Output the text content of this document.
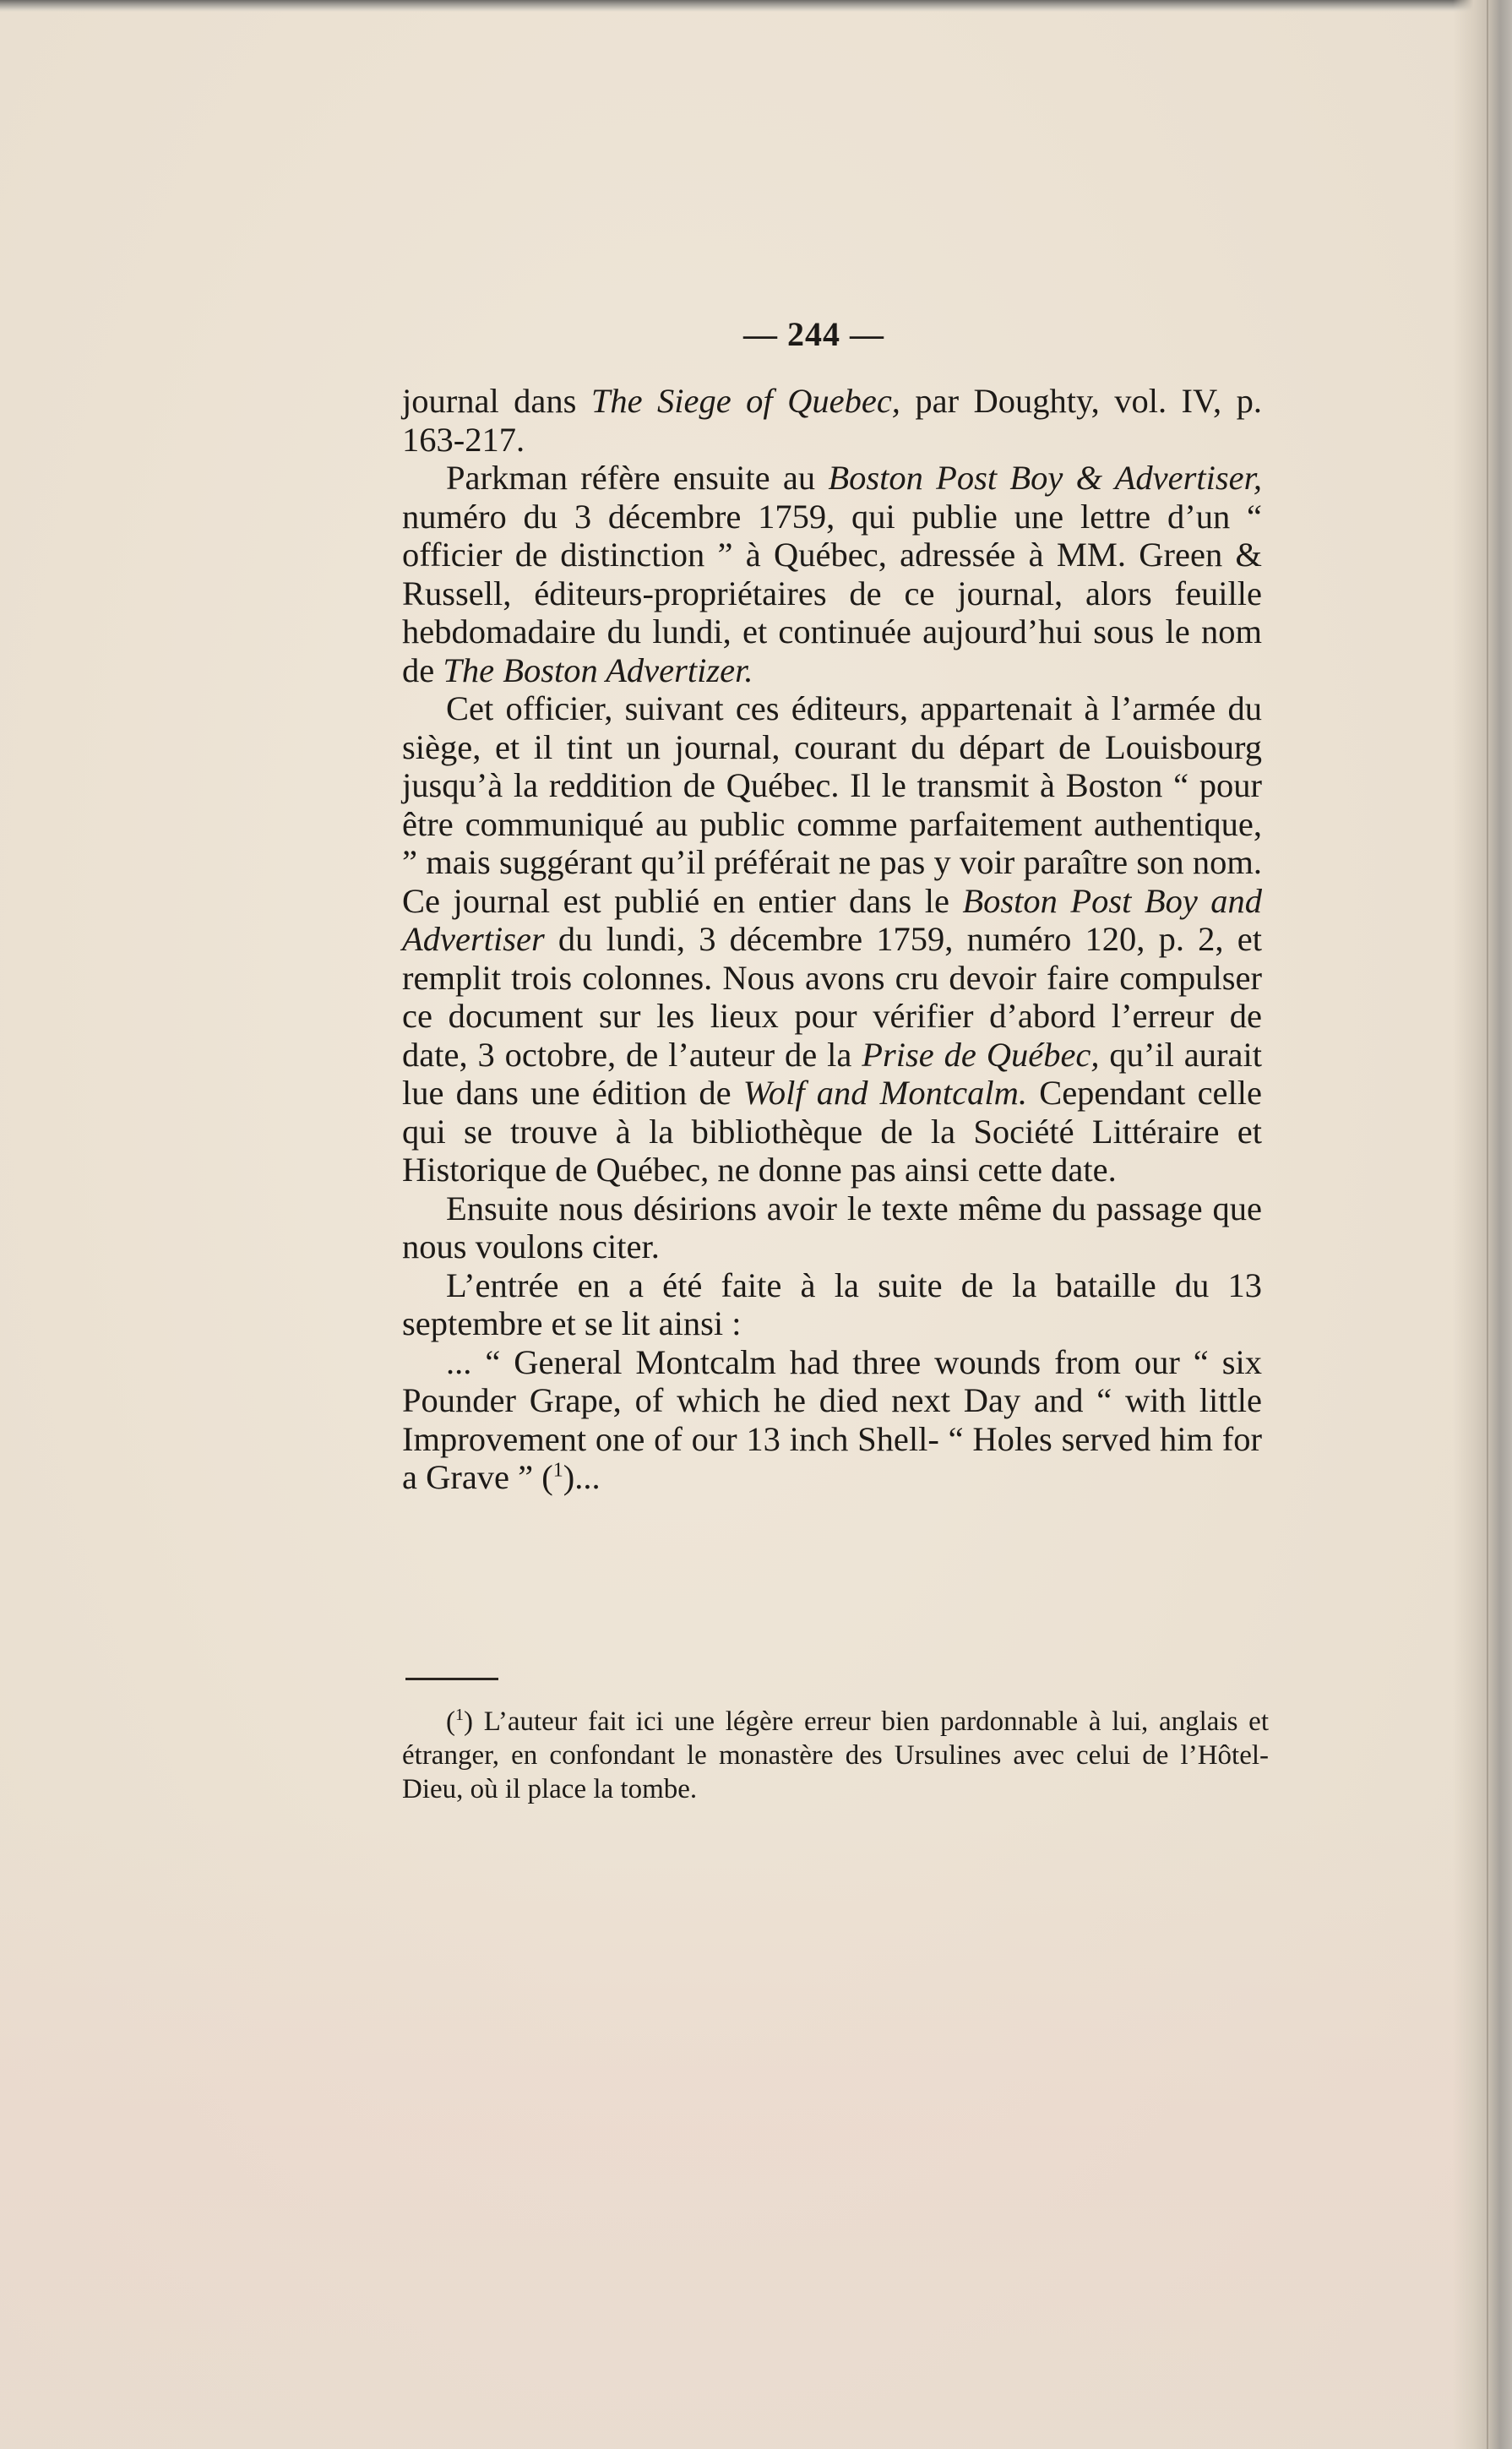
— 244 —

journal dans The Siege of Quebec, par Doughty, vol. IV, p. 163-217.

Parkman réfère ensuite au Boston Post Boy & Advertiser, numéro du 3 décembre 1759, qui publie une lettre d’un “ officier de distinction ” à Québec, adressée à MM. Green & Russell, éditeurs-propriétaires de ce journal, alors feuille hebdomadaire du lundi, et continuée aujourd’hui sous le nom de The Boston Advertizer.

Cet officier, suivant ces éditeurs, appartenait à l’armée du siège, et il tint un journal, courant du départ de Louisbourg jusqu’à la reddition de Québec. Il le transmit à Boston “ pour être communiqué au public comme parfaitement authentique, ” mais suggérant qu’il préférait ne pas y voir paraître son nom. Ce journal est publié en entier dans le Boston Post Boy and Advertiser du lundi, 3 décembre 1759, numéro 120, p. 2, et remplit trois colonnes. Nous avons cru devoir faire compulser ce document sur les lieux pour vérifier d’abord l’erreur de date, 3 octobre, de l’auteur de la Prise de Québec, qu’il aurait lue dans une édition de Wolf and Montcalm. Cependant celle qui se trouve à la bibliothèque de la Société Littéraire et Historique de Québec, ne donne pas ainsi cette date.

Ensuite nous désirions avoir le texte même du passage que nous voulons citer.

L’entrée en a été faite à la suite de la bataille du 13 septembre et se lit ainsi :

... “ General Montcalm had three wounds from our “ six Pounder Grape, of which he died next Day and “ with little Improvement one of our 13 inch Shell- “ Holes served him for a Grave ” ($^1$)...

($^1$) L’auteur fait ici une légère erreur bien pardonnable à lui, anglais et étranger, en confondant le monastère des Ursulines avec celui de l’Hôtel-Dieu, où il place la tombe.
